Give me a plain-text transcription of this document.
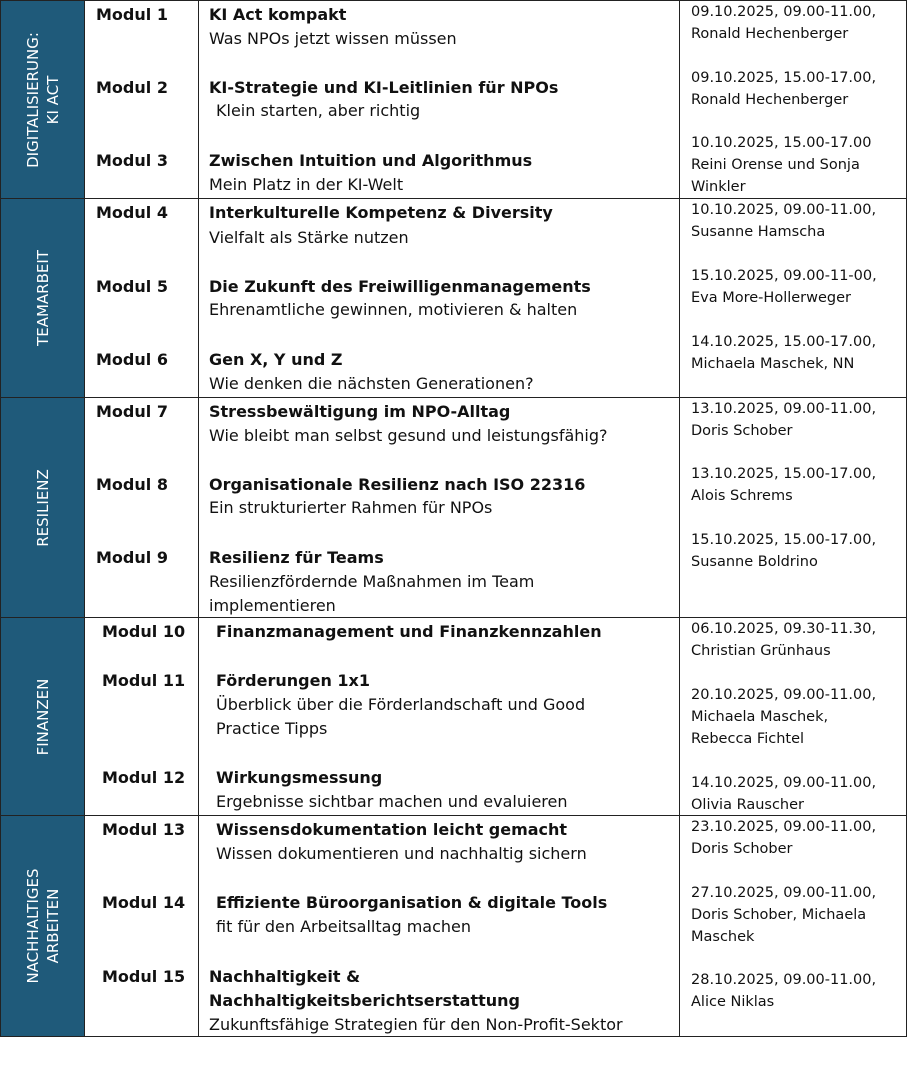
DIGITALISIERUNG:
KI ACT
Modul 1	KI Act kompakt
Was NPOs jetzt wissen müssen
09.10.2025, 09.00-11.00,
Ronald Hechenberger
Modul 2	KI-Strategie und KI-Leitlinien für NPOs
Klein starten, aber richtig
09.10.2025, 15.00-17.00,
Ronald Hechenberger
Modul 3	Zwischen Intuition und Algorithmus
Mein Platz in der KI-Welt
10.10.2025, 15.00-17.00
Reini Orense und Sonja
Winkler
TEAMARBEIT
Modul 4	Interkulturelle Kompetenz & Diversity
Vielfalt als Stärke nutzen
10.10.2025, 09.00-11.00,
Susanne Hamscha
Modul 5	Die Zukunft des Freiwilligenmanagements
Ehrenamtliche gewinnen, motivieren & halten
15.10.2025, 09.00-11-00,
Eva More-Hollerweger
Modul 6	Gen X, Y und Z
Wie denken die nächsten Generationen?
14.10.2025, 15.00-17.00,
Michaela Maschek, NN
RESILIENZ
Modul 7	Stressbewältigung im NPO-Alltag
Wie bleibt man selbst gesund und leistungsfähig?
13.10.2025, 09.00-11.00,
Doris Schober
Modul 8	Organisationale Resilienz nach ISO 22316
Ein strukturierter Rahmen für NPOs
13.10.2025, 15.00-17.00,
Alois Schrems
Modul 9	Resilienz für Teams
Resilienzfördernde Maßnahmen im Team
implementieren
15.10.2025, 15.00-17.00,
Susanne Boldrino
FINANZEN
Modul 10 Finanzmanagement und Finanzkennzahlen	06.10.2025, 09.30-11.30,
Christian Grünhaus
Modul 11 Förderungen 1x1
Überblick über die Förderlandschaft und Good
Practice Tipps
20.10.2025, 09.00-11.00,
Michaela Maschek,
Rebecca Fichtel
Modul 12 Wirkungsmessung
Ergebnisse sichtbar machen und evaluieren
14.10.2025, 09.00-11.00,
Olivia Rauscher
NACHHALTIGES
ARBEITEN
Modul 13 Wissensdokumentation leicht gemacht
Wissen dokumentieren und nachhaltig sichern
23.10.2025, 09.00-11.00,
Doris Schober
Modul 14 Effiziente Büroorganisation & digitale Tools
fit für den Arbeitsalltag machen
27.10.2025, 09.00-11.00,
Doris Schober, Michaela
Maschek
Modul 15 Nachhaltigkeit &
Nachhaltigkeitsberichtserstattung
Zukunftsfähige Strategien für den Non-Profit-Sektor
28.10.2025, 09.00-11.00,
Alice Niklas
